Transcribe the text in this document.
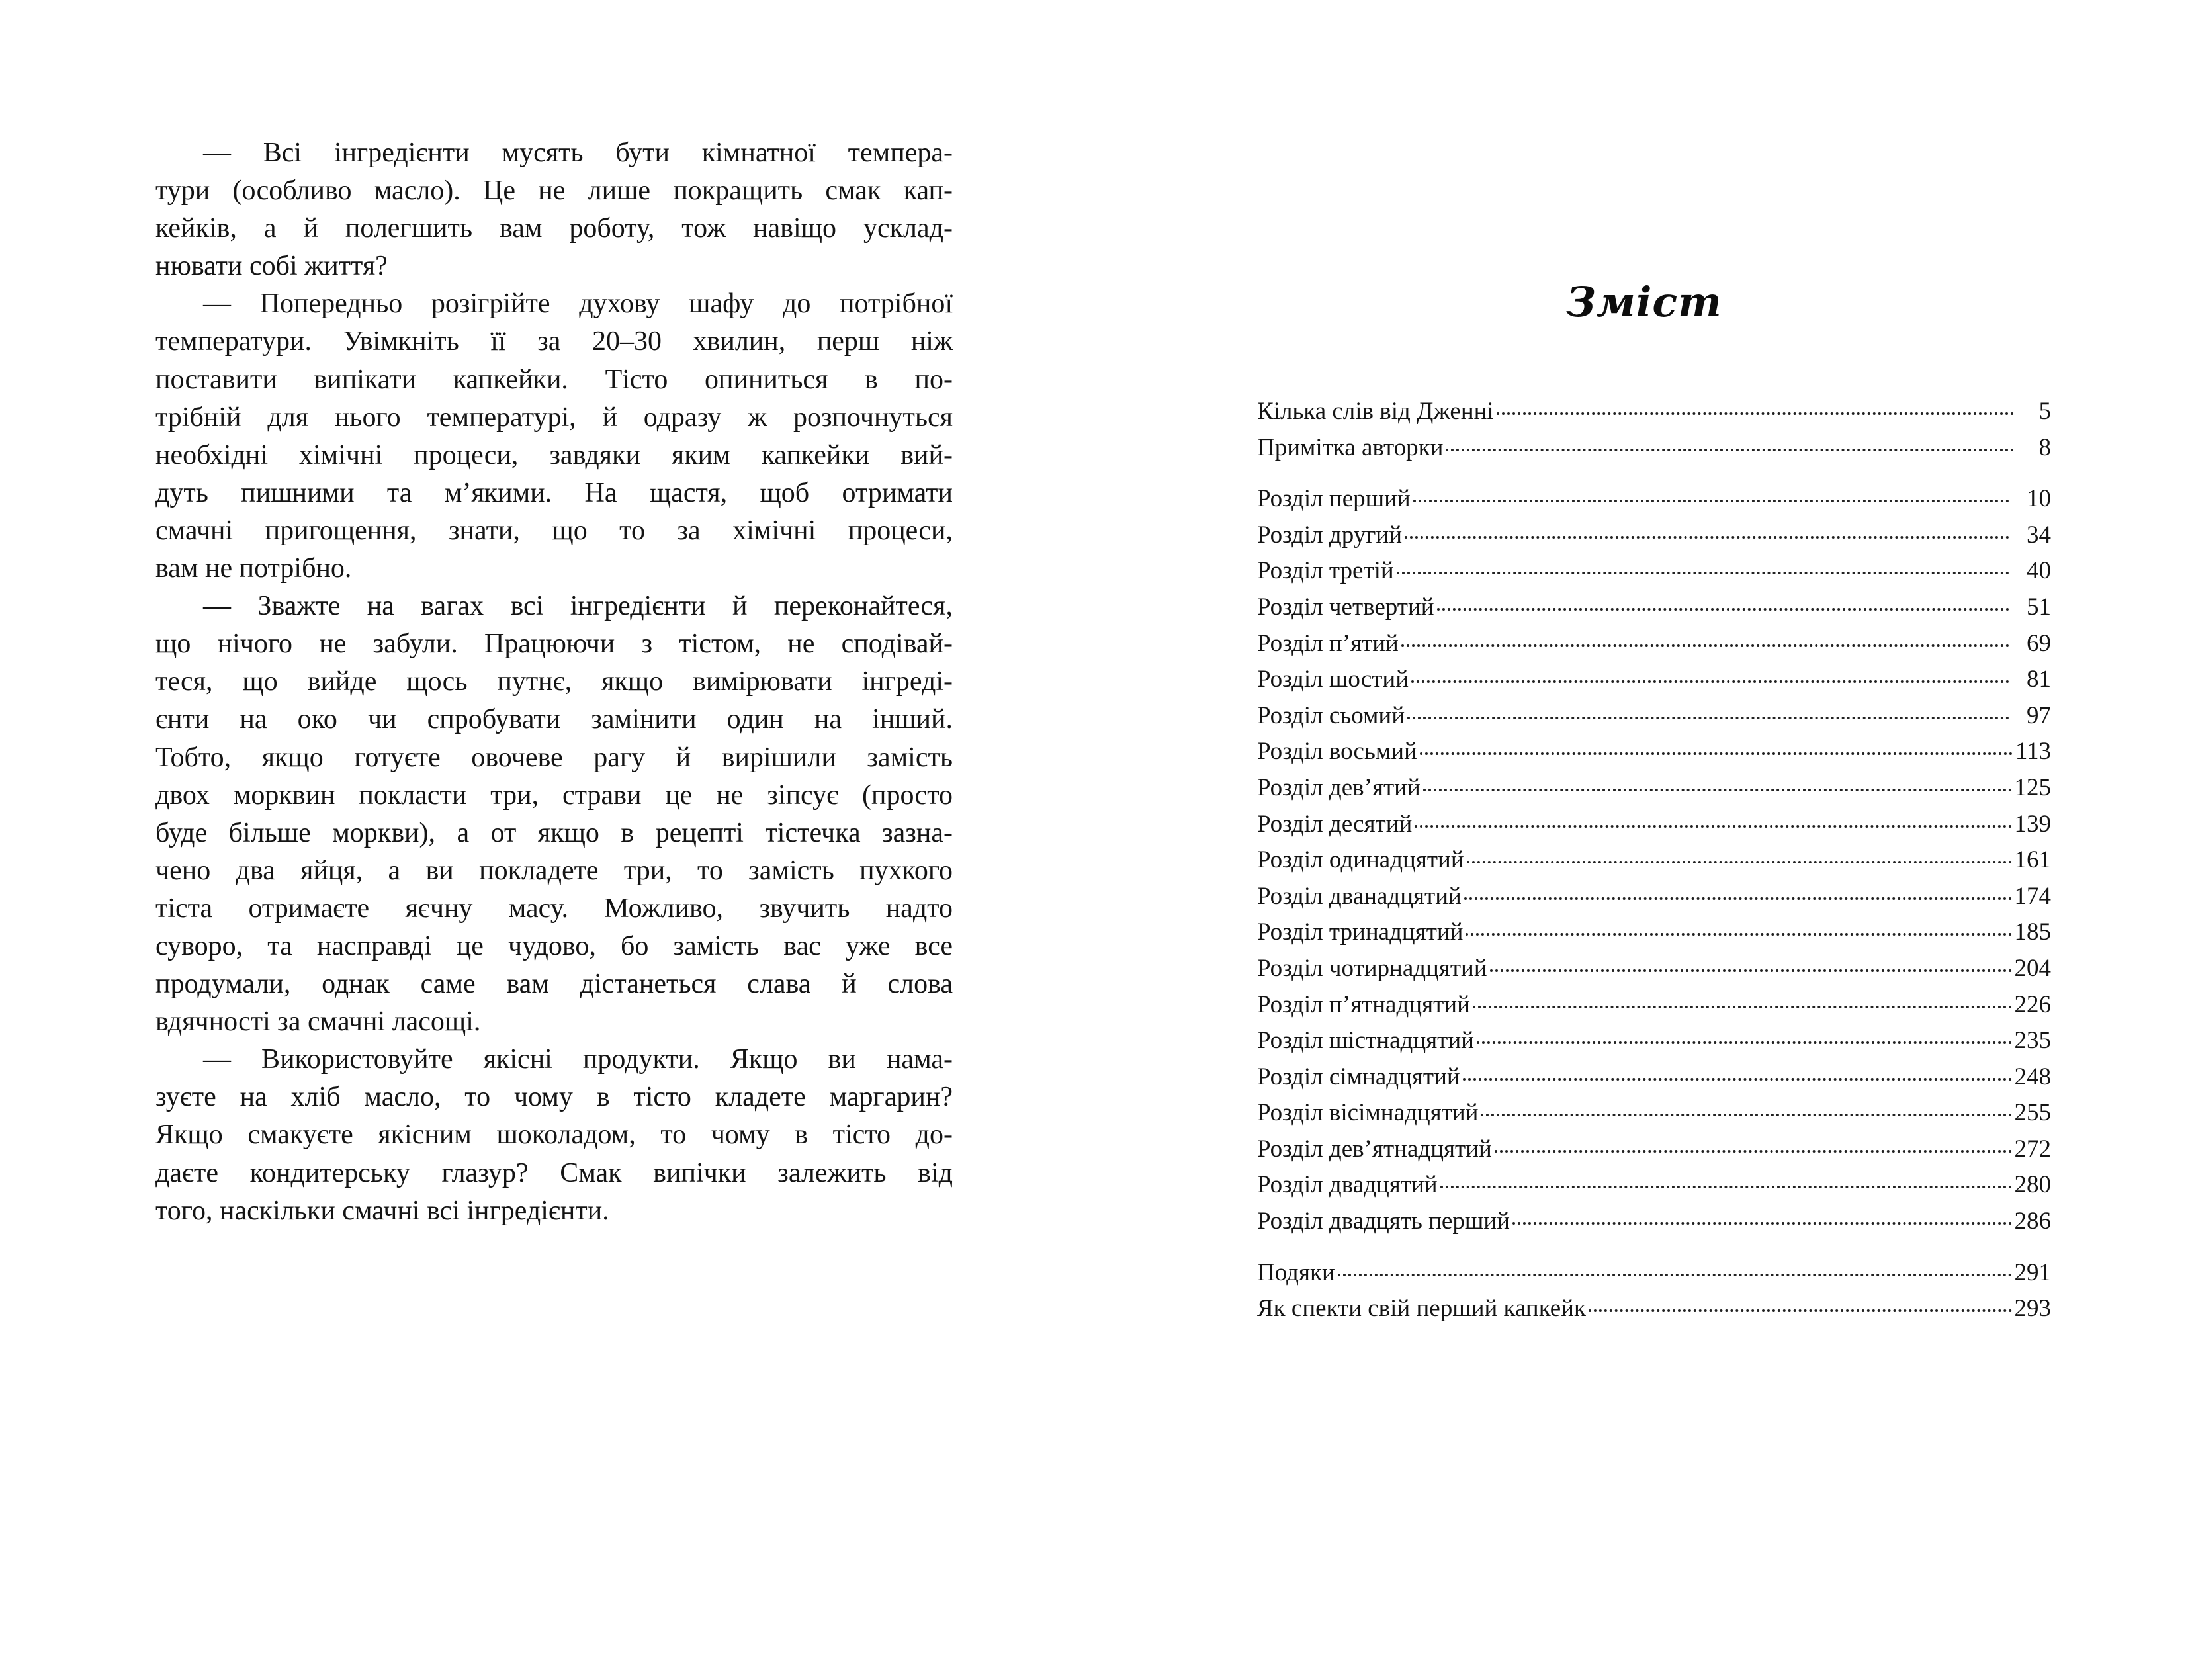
— Всі інгредієнти мусять бути кімнатної темпера-
тури (особливо масло). Це не лише покращить смак кап-
кейків, а й полегшить вам роботу, тож навіщо усклад-
нювати собі життя?
— Попередньо розігрійте духову шафу до потрібної
температури. Увімкніть її за 20–30 хвилин, перш ніж
поставити випікати капкейки. Тісто опиниться в по-
трібній для нього температурі, й одразу ж розпочнуться
необхідні хімічні процеси, завдяки яким капкейки вий-
дуть пишними та м’якими. На щастя, щоб отримати
смачні пригощення, знати, що то за хімічні процеси,
вам не потрібно.
— Зважте на вагах всі інгредієнти й переконайтеся,
що нічого не забули. Працюючи з тістом, не сподівай-
теся, що вийде щось путнє, якщо вимірювати інгреді-
єнти на око чи спробувати замінити один на інший.
Тобто, якщо готуєте овочеве рагу й вирішили замість
двох морквин покласти три, страви це не зіпсує (просто
буде більше моркви), а от якщо в рецепті тістечка зазна-
чено два яйця, а ви покладете три, то замість пухкого
тіста отримаєте яєчну масу. Можливо, звучить надто
суворо, та насправді це чудово, бо замість вас уже все
продумали, однак саме вам дістанеться слава й слова
вдячності за смачні ласощі.
— Використовуйте якісні продукти. Якщо ви нама-
зуєте на хліб масло, то чому в тісто кладете маргарин?
Якщо смакуєте якісним шоколадом, то чому в тісто до-
даєте кондитерську глазур? Смак випічки залежить від
того, наскільки смачні всі інгредієнти.
Зміст
Кілька слів від Дженні	5
Примітка авторки	8
Розділ перший	10
Розділ другий	34
Розділ третій	40
Розділ четвертий	51
Розділ п’ятий	69
Розділ шостий	81
Розділ сьомий	97
Розділ восьмий	113
Розділ дев’ятий	125
Розділ десятий	139
Розділ одинадцятий	161
Розділ дванадцятий	174
Розділ тринадцятий	185
Розділ чотирнадцятий	204
Розділ п’ятнадцятий	226
Розділ шістнадцятий	235
Розділ сімнадцятий	248
Розділ вісімнадцятий	255
Розділ дев’ятнадцятий	272
Розділ двадцятий	280
Розділ двадцять перший	286
Подяки	291
Як спекти свій перший капкейк	293
